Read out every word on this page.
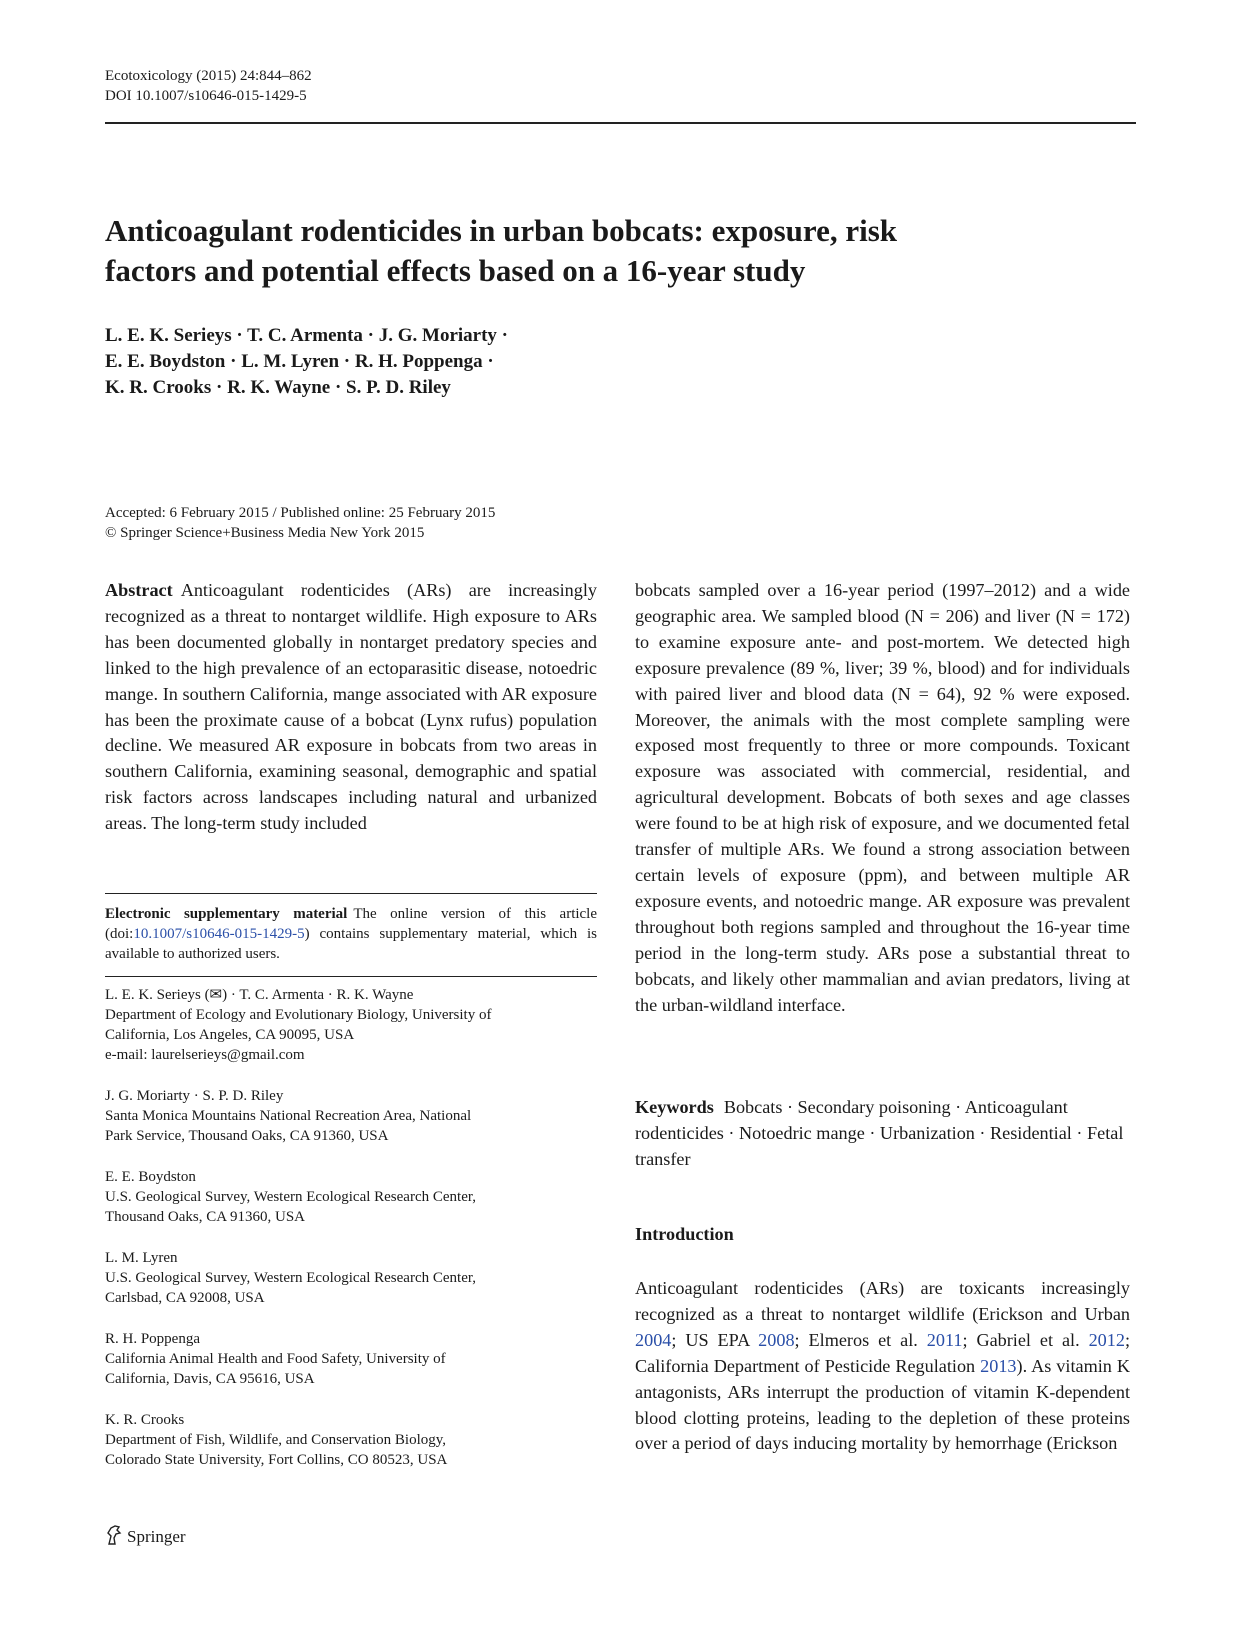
Ecotoxicology (2015) 24:844–862
DOI 10.1007/s10646-015-1429-5
Anticoagulant rodenticides in urban bobcats: exposure, risk
factors and potential effects based on a 16-year study
L. E. K. Serieys · T. C. Armenta · J. G. Moriarty ·
E. E. Boydston · L. M. Lyren · R. H. Poppenga ·
K. R. Crooks · R. K. Wayne · S. P. D. Riley
Accepted: 6 February 2015 / Published online: 25 February 2015
© Springer Science+Business Media New York 2015

Abstract Anticoagulant rodenticides (ARs) are increasingly recognized as a threat to nontarget wildlife. High exposure to ARs has been documented globally in nontarget predatory species and linked to the high prevalence of an ectoparasitic disease, notoedric mange. In southern California, mange associated with AR exposure has been the proximate cause of a bobcat (Lynx rufus) population decline. We measured AR exposure in bobcats from two areas in southern California, examining seasonal, demographic and spatial risk factors across landscapes including natural and urbanized areas. The long-term study included

Electronic supplementary material The online version of this article (doi:10.1007/s10646-015-1429-5) contains supplementary material, which is available to authorized users.
L. E. K. Serieys (✉) · T. C. Armenta · R. K. Wayne
Department of Ecology and Evolutionary Biology, University of
California, Los Angeles, CA 90095, USA
e-mail: laurelserieys@gmail.com
J. G. Moriarty · S. P. D. Riley
Santa Monica Mountains National Recreation Area, National
Park Service, Thousand Oaks, CA 91360, USA
E. E. Boydston
U.S. Geological Survey, Western Ecological Research Center,
Thousand Oaks, CA 91360, USA
L. M. Lyren
U.S. Geological Survey, Western Ecological Research Center,
Carlsbad, CA 92008, USA
R. H. Poppenga
California Animal Health and Food Safety, University of
California, Davis, CA 95616, USA
K. R. Crooks
Department of Fish, Wildlife, and Conservation Biology,
Colorado State University, Fort Collins, CO 80523, USA

bobcats sampled over a 16-year period (1997–2012) and a wide geographic area. We sampled blood (N = 206) and liver (N = 172) to examine exposure ante- and post-mortem. We detected high exposure prevalence (89 %, liver; 39 %, blood) and for individuals with paired liver and blood data (N = 64), 92 % were exposed. Moreover, the animals with the most complete sampling were exposed most frequently to three or more compounds. Toxicant exposure was associated with commercial, residential, and agricultural development. Bobcats of both sexes and age classes were found to be at high risk of exposure, and we documented fetal transfer of multiple ARs. We found a strong association between certain levels of exposure (ppm), and between multiple AR exposure events, and notoedric mange. AR exposure was prevalent throughout both regions sampled and throughout the 16-year time period in the long-term study. ARs pose a substantial threat to bobcats, and likely other mammalian and avian predators, living at the urban-wildland interface.

Keywords Bobcats · Secondary poisoning · Anticoagulant rodenticides · Notoedric mange · Urbanization · Residential · Fetal transfer
Introduction

Anticoagulant rodenticides (ARs) are toxicants increasingly recognized as a threat to nontarget wildlife (Erickson and Urban 2004; US EPA 2008; Elmeros et al. 2011; Gabriel et al. 2012; California Department of Pesticide Regulation 2013). As vitamin K antagonists, ARs interrupt the production of vitamin K-dependent blood clotting proteins, leading to the depletion of these proteins over a period of days inducing mortality by hemorrhage (Erickson

Springer
